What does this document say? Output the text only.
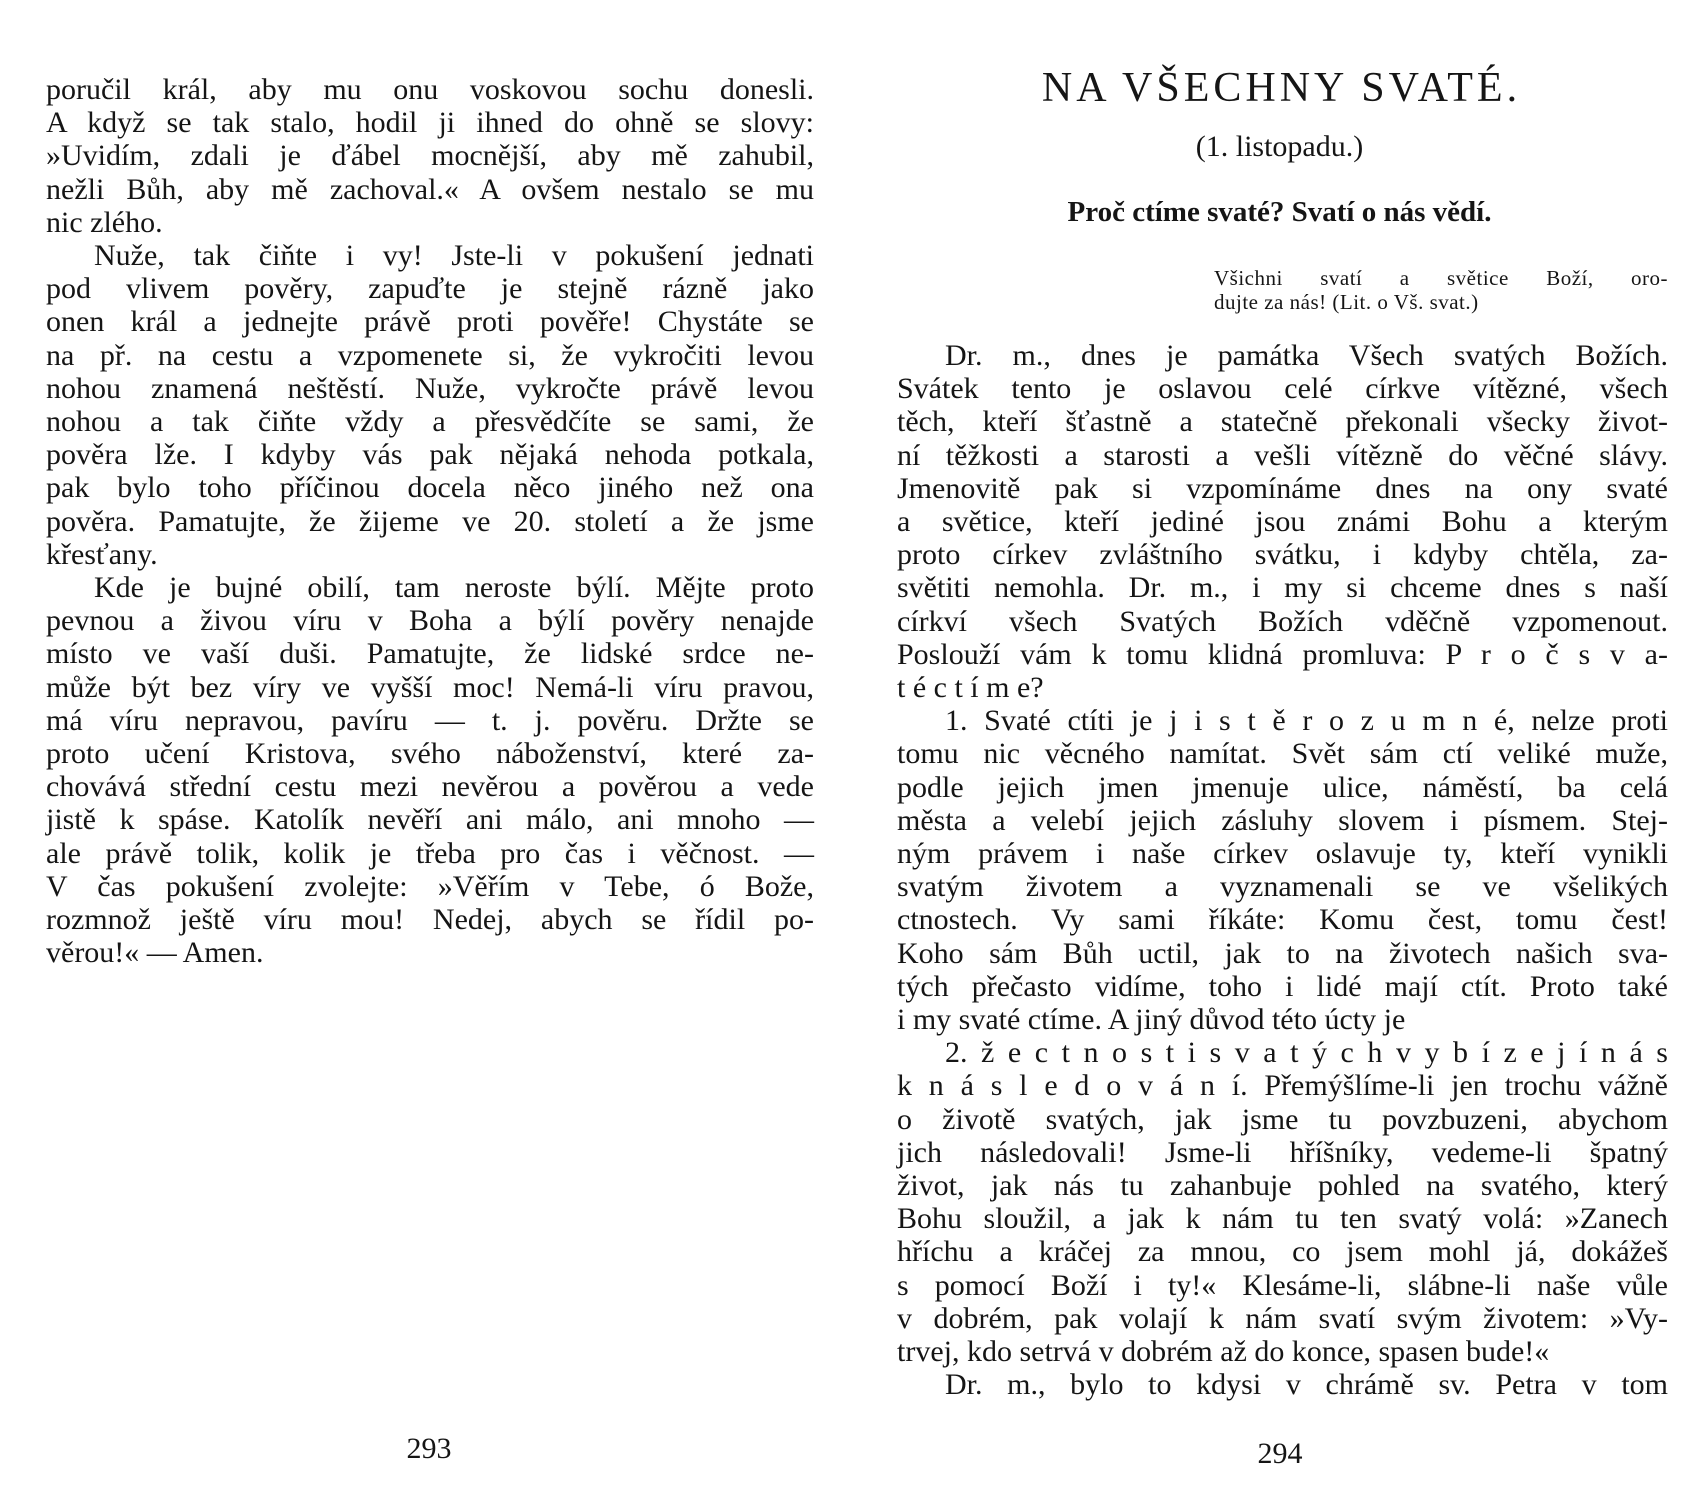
poručil král, aby mu onu voskovou sochu donesli.
A když se tak stalo, hodil ji ihned do ohně se slovy:
»Uvidím, zdali je ďábel mocnější, aby mě zahubil,
nežli Bůh, aby mě zachoval.« A ovšem nestalo se mu
nic zlého.
Nuže, tak čiňte i vy! Jste-li v pokušení jednati
pod vlivem pověry, zapuďte je stejně rázně jako
onen král a jednejte právě proti pověře! Chystáte se
na př. na cestu a vzpomenete si, že vykročiti levou
nohou znamená neštěstí. Nuže, vykročte právě levou
nohou a tak čiňte vždy a přesvědčíte se sami, že
pověra lže. I kdyby vás pak nějaká nehoda potkala,
pak bylo toho příčinou docela něco jiného než ona
pověra. Pamatujte, že žijeme ve 20. století a že jsme
křesťany.
Kde je bujné obilí, tam neroste býlí. Mějte proto
pevnou a živou víru v Boha a býlí pověry nenajde
místo ve vaší duši. Pamatujte, že lidské srdce ne-
může být bez víry ve vyšší moc! Nemá-li víru pravou,
má víru nepravou, pavíru — t. j. pověru. Držte se
proto učení Kristova, svého náboženství, které za-
chovává střední cestu mezi nevěrou a pověrou a vede
jistě k spáse. Katolík nevěří ani málo, ani mnoho —
ale právě tolik, kolik je třeba pro čas i věčnost. —
V čas pokušení zvolejte: »Věřím v Tebe, ó Bože,
rozmnož ještě víru mou! Nedej, abych se řídil po-
věrou!« — Amen.
293
NA VŠECHNY SVATÉ.
(1. listopadu.)
Proč ctíme svaté? Svatí o nás vědí.
Všichni svatí a světice Boží, oro-
dujte za nás! (Lit. o Vš. svat.)
Dr. m., dnes je památka Všech svatých Božích.
Svátek tento je oslavou celé církve vítězné, všech
těch, kteří šťastně a statečně překonali všecky život-
ní těžkosti a starosti a vešli vítězně do věčné slávy.
Jmenovitě pak si vzpomínáme dnes na ony svaté
a světice, kteří jediné jsou známi Bohu a kterým
proto církev zvláštního svátku, i kdyby chtěla, za-
světiti nemohla. Dr. m., i my si chceme dnes s naší
církví všech Svatých Božích vděčně vzpomenout.
Poslouží vám k tomu klidná promluva: P r o č s v a-
t é c t í m e?
1. Svaté ctíti je j i s t ě r o z u m n é, nelze proti
tomu nic věcného namítat. Svět sám ctí veliké muže,
podle jejich jmen jmenuje ulice, náměstí, ba celá
města a velebí jejich zásluhy slovem i písmem. Stej-
ným právem i naše církev oslavuje ty, kteří vynikli
svatým životem a vyznamenali se ve všelikých
ctnostech. Vy sami říkáte: Komu čest, tomu čest!
Koho sám Bůh uctil, jak to na životech našich sva-
tých přečasto vidíme, toho i lidé mají ctít. Proto také
i my svaté ctíme. A jiný důvod této úcty je
2. ž e c t n o s t i s v a t ý c h v y b í z e j í n á s
k n á s l e d o v á n í. Přemýšlíme-li jen trochu vážně
o životě svatých, jak jsme tu povzbuzeni, abychom
jich následovali! Jsme-li hříšníky, vedeme-li špatný
život, jak nás tu zahanbuje pohled na svatého, který
Bohu sloužil, a jak k nám tu ten svatý volá: »Zanech
hříchu a kráčej za mnou, co jsem mohl já, dokážeš
s pomocí Boží i ty!« Klesáme-li, slábne-li naše vůle
v dobrém, pak volají k nám svatí svým životem: »Vy-
trvej, kdo setrvá v dobrém až do konce, spasen bude!«
Dr. m., bylo to kdysi v chrámě sv. Petra v tom
294
